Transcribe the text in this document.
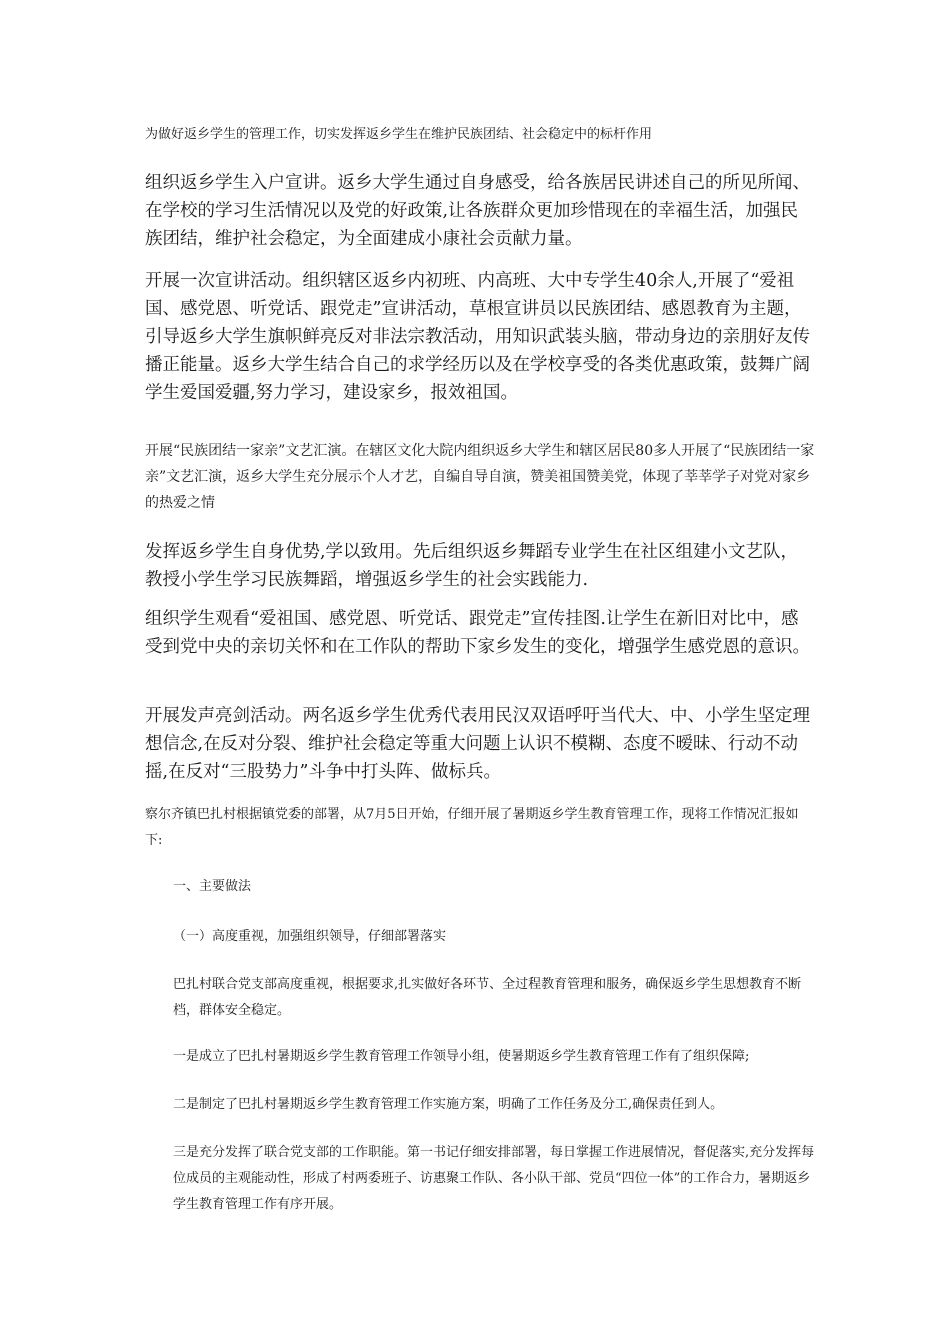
为做好返乡学生的管理工作，切实发挥返乡学生在维护民族团结、社会稳定中的标杆作用

组织返乡学生入户宣讲。返乡大学生通过自身感受，给各族居民讲述自己的所见所闻、在学校的学习生活情况以及党的好政策,让各族群众更加珍惜现在的幸福生活，加强民族团结，维护社会稳定，为全面建成小康社会贡献力量。

开展一次宣讲活动。组织辖区返乡内初班、内高班、大中专学生40余人,开展了“爱祖国、感党恩、听党话、跟党走”宣讲活动，草根宣讲员以民族团结、感恩教育为主题，引导返乡大学生旗帜鲜亮反对非法宗教活动，用知识武装头脑，带动身边的亲朋好友传播正能量。返乡大学生结合自己的求学经历以及在学校享受的各类优惠政策，鼓舞广阔学生爱国爱疆,努力学习，建设家乡，报效祖国。

开展“民族团结一家亲”文艺汇演。在辖区文化大院内组织返乡大学生和辖区居民80多人开展了“民族团结一家亲”文艺汇演，返乡大学生充分展示个人才艺，自编自导自演，赞美祖国赞美党，体现了莘莘学子对党对家乡的热爱之情

发挥返乡学生自身优势,学以致用。先后组织返乡舞蹈专业学生在社区组建小文艺队，教授小学生学习民族舞蹈，增强返乡学生的社会实践能力.

组织学生观看“爱祖国、感党恩、听党话、跟党走”宣传挂图.让学生在新旧对比中，感受到党中央的亲切关怀和在工作队的帮助下家乡发生的变化，增强学生感党恩的意识。

开展发声亮剑活动。两名返乡学生优秀代表用民汉双语呼吁当代大、中、小学生坚定理想信念,在反对分裂、维护社会稳定等重大问题上认识不模糊、态度不暧昧、行动不动摇,在反对“三股势力”斗争中打头阵、做标兵。

察尔齐镇巴扎村根据镇党委的部署，从7月5日开始，仔细开展了暑期返乡学生教育管理工作，现将工作情况汇报如下:

一、主要做法

（一）高度重视，加强组织领导，仔细部署落实

巴扎村联合党支部高度重视，根据要求,扎实做好各环节、全过程教育管理和服务，确保返乡学生思想教育不断档，群体安全稳定。

一是成立了巴扎村暑期返乡学生教育管理工作领导小组，使暑期返乡学生教育管理工作有了组织保障;

二是制定了巴扎村暑期返乡学生教育管理工作实施方案，明确了工作任务及分工,确保责任到人。

三是充分发挥了联合党支部的工作职能。第一书记仔细安排部署，每日掌握工作进展情况，督促落实,充分发挥每位成员的主观能动性，形成了村两委班子、访惠聚工作队、各小队干部、党员“四位一体”的工作合力，暑期返乡学生教育管理工作有序开展。
